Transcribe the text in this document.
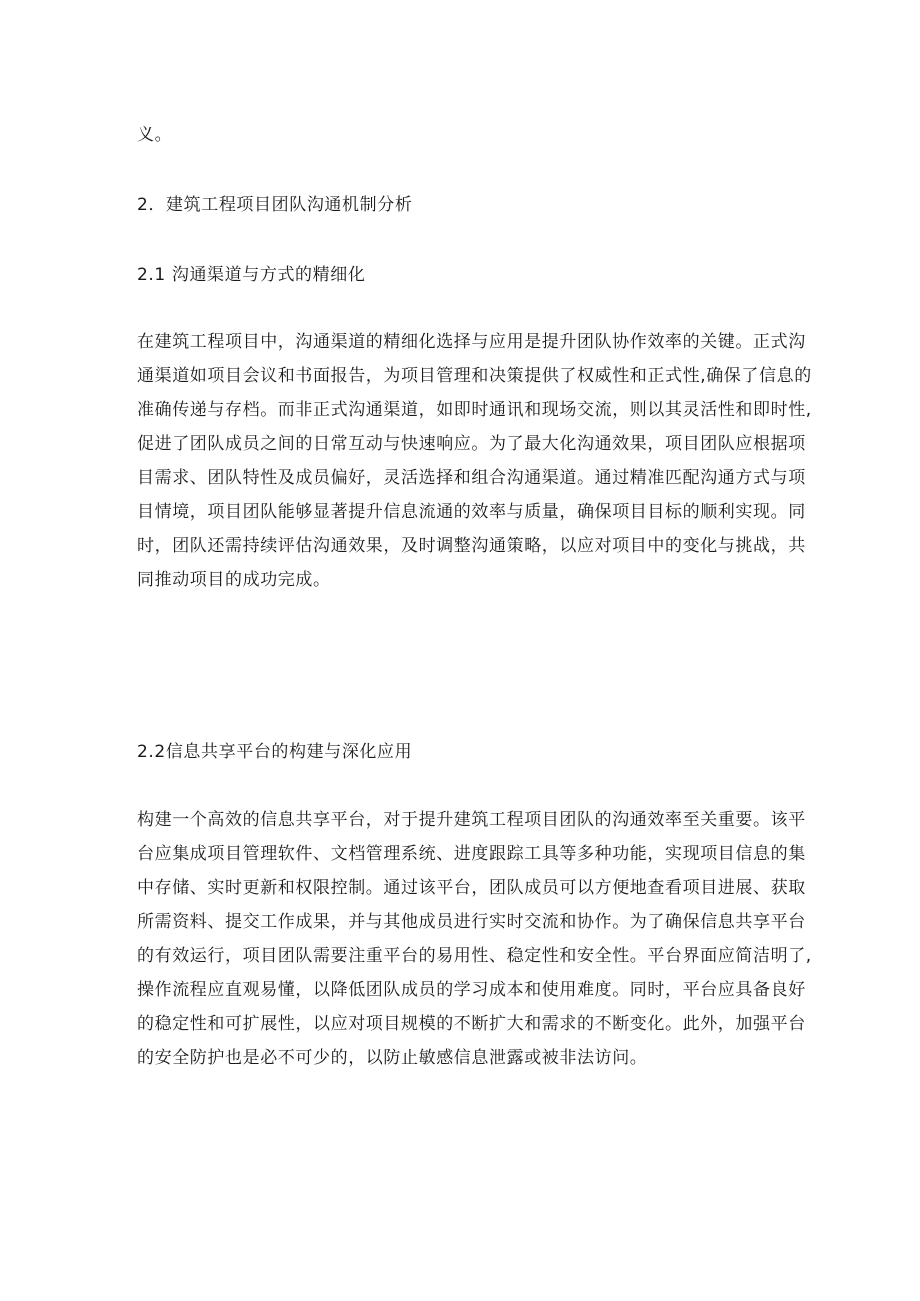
义。

2．建筑工程项目团队沟通机制分析
2.1 沟通渠道与方式的精细化

在建筑工程项目中，沟通渠道的精细化选择与应用是提升团队协作效率的关键。正式沟
通渠道如项目会议和书面报告，为项目管理和决策提供了权威性和正式性,确保了信息的
准确传递与存档。而非正式沟通渠道，如即时通讯和现场交流，则以其灵活性和即时性,
促进了团队成员之间的日常互动与快速响应。为了最大化沟通效果，项目团队应根据项
目需求、团队特性及成员偏好，灵活选择和组合沟通渠道。通过精准匹配沟通方式与项
目情境，项目团队能够显著提升信息流通的效率与质量，确保项目目标的顺利实现。同
时，团队还需持续评估沟通效果，及时调整沟通策略，以应对项目中的变化与挑战，共
同推动项目的成功完成。

2.2信息共享平台的构建与深化应用

构建一个高效的信息共享平台，对于提升建筑工程项目团队的沟通效率至关重要。该平
台应集成项目管理软件、文档管理系统、进度跟踪工具等多种功能，实现项目信息的集
中存储、实时更新和权限控制。通过该平台，团队成员可以方便地查看项目进展、获取
所需资料、提交工作成果，并与其他成员进行实时交流和协作。为了确保信息共享平台
的有效运行，项目团队需要注重平台的易用性、稳定性和安全性。平台界面应简洁明了,
操作流程应直观易懂，以降低团队成员的学习成本和使用难度。同时，平台应具备良好
的稳定性和可扩展性，以应对项目规模的不断扩大和需求的不断变化。此外，加强平台
的安全防护也是必不可少的，以防止敏感信息泄露或被非法访问。
